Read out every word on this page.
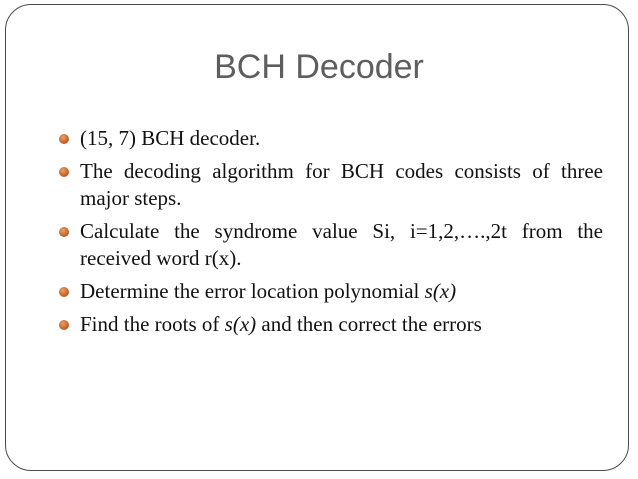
BCH Decoder
(15, 7) BCH decoder.
The decoding algorithm for BCH codes consists of three major steps.
Calculate the syndrome value Si, i=1,2,….,2t from the received word r(x).
Determine the error location polynomial s(x)
Find the roots of s(x) and then correct the errors
